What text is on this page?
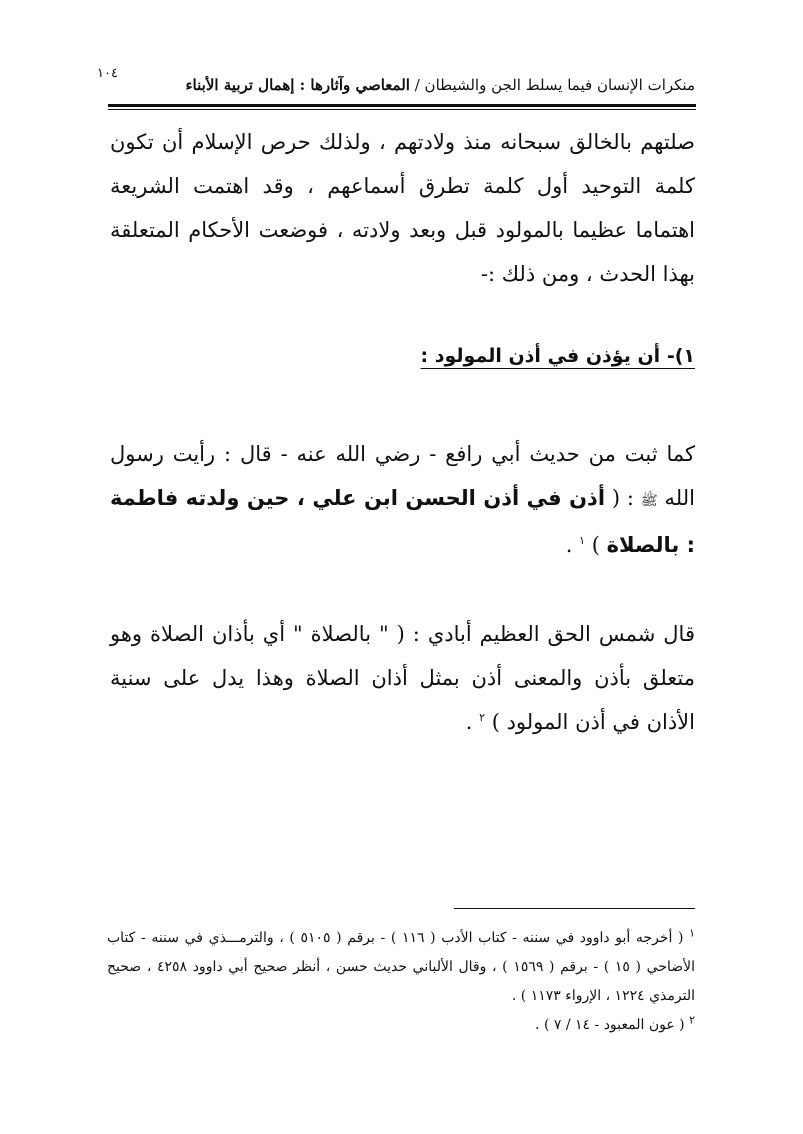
١٠٤
منكرات الإنسان فيما يسلط الجن والشيطان / المعاصي وآثارها : إهمال تربية الأبناء
صلتهم بالخالق سبحانه منذ ولادتهم ، ولذلك حرص الإسلام أن تكون كلمة التوحيد أول كلمة تطرق أسماعهم ، وقد اهتمت الشريعة اهتماما عظيما بالمولود قبل وبعد ولادته ، فوضعت الأحكام المتعلقة بهذا الحدث ، ومن ذلك :-
١)- أن يؤذن في أذن المولود :
كما ثبت من حديث أبي رافع - رضي الله عنه - قال : رأيت رسول الله ﷺ : ( أذن في أذن الحسن ابن علي ، حين ولدته فاطمة : بالصلاة ) $^١$ .
قال شمس الحق العظيم أبادي : ( " بالصلاة " أي بأذان الصلاة وهو متعلق بأذن والمعنى أذن بمثل أذان الصلاة وهذا يدل على سنية الأذان في أذن المولود ) $^٢$ .

$^١$ ( أخرجه أبو داوود في سننه - كتاب الأدب ( ١١٦ ) - برقم ( ٥١٠٥ ) ، والترمـــذي في سننه - كتاب الأضاحي ( ١٥ ) - برقم ( ١٥٦٩ ) ، وقال الألباني حديث حسن ، أنظر صحيح أبي داوود ٤٢٥٨ ، صحيح الترمذي ١٢٢٤ ، الإرواء ١١٧٣ ) .

$^٢$ ( عون المعبود - ١٤ / ٧ ) .
